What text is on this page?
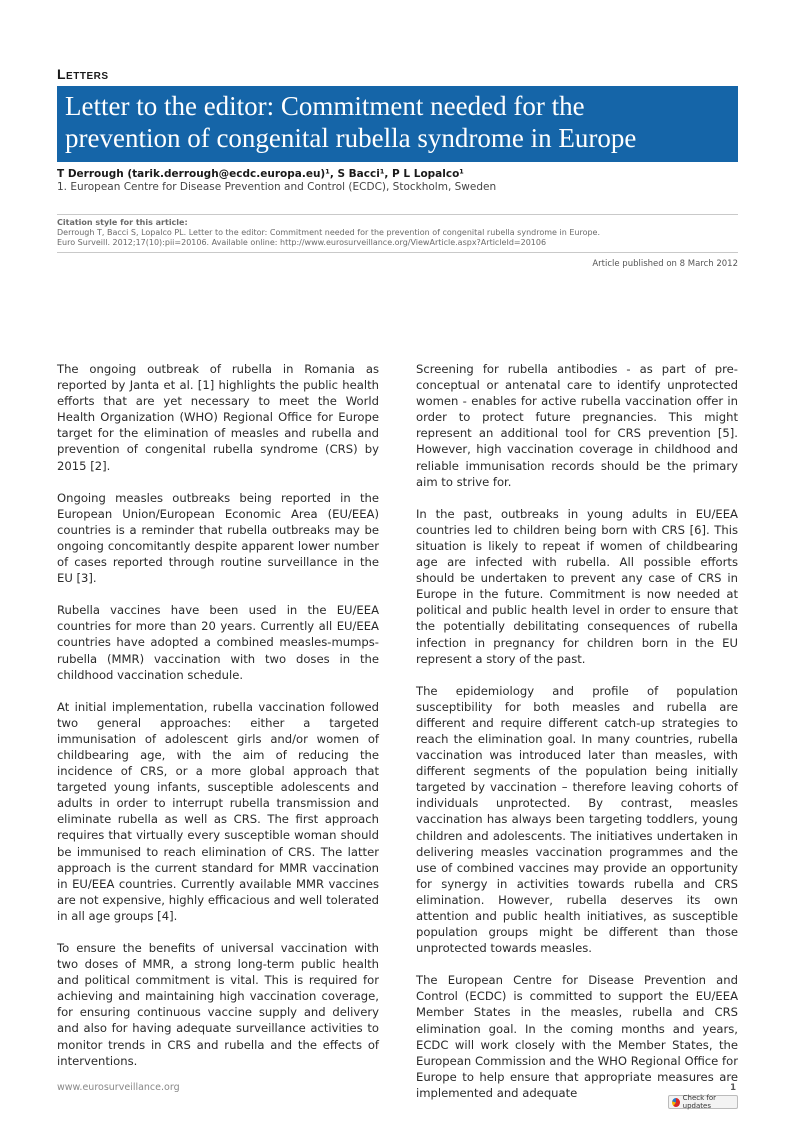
Letters
Letter to the editor: Commitment needed for the
prevention of congenital rubella syndrome in Europe
T Derrough (tarik.derrough@ecdc.europa.eu)¹, S Bacci¹, P L Lopalco¹
1. European Centre for Disease Prevention and Control (ECDC), Stockholm, Sweden
Citation style for this article:
Derrough T, Bacci S, Lopalco PL. Letter to the editor: Commitment needed for the prevention of congenital rubella syndrome in Europe.
Euro Surveill. 2012;17(10):pii=20106. Available online: http://www.eurosurveillance.org/ViewArticle.aspx?ArticleId=20106
Article published on 8 March 2012

The ongoing outbreak of rubella in Romania as reported by Janta et al. [1] highlights the public health efforts that are yet necessary to meet the World Health Organization (WHO) Regional Office for Europe target for the elimination of measles and rubella and prevention of congenital rubella syndrome (CRS) by 2015 [2].

Ongoing measles outbreaks being reported in the European Union/European Economic Area (EU/EEA) countries is a reminder that rubella outbreaks may be ongoing concomitantly despite apparent lower number of cases reported through routine surveillance in the EU [3].

Rubella vaccines have been used in the EU/EEA countries for more than 20 years. Currently all EU/EEA countries have adopted a combined measles-mumps-rubella (MMR) vaccination with two doses in the childhood vaccination schedule.

At initial implementation, rubella vaccination followed two general approaches: either a targeted immunisation of adolescent girls and/or women of childbearing age, with the aim of reducing the incidence of CRS, or a more global approach that targeted young infants, susceptible adolescents and adults in order to interrupt rubella transmission and eliminate rubella as well as CRS. The first approach requires that virtually every susceptible woman should be immunised to reach elimination of CRS. The latter approach is the current standard for MMR vaccination in EU/EEA countries. Currently available MMR vaccines are not expensive, highly efficacious and well tolerated in all age groups [4].

To ensure the benefits of universal vaccination with two doses of MMR, a strong long-term public health and political commitment is vital. This is required for achieving and maintaining high vaccination coverage, for ensuring continuous vaccine supply and delivery and also for having adequate surveillance activities to monitor trends in CRS and rubella and the effects of interventions.

Screening for rubella antibodies - as part of pre-conceptual or antenatal care to identify unprotected women - enables for active rubella vaccination offer in order to protect future pregnancies. This might represent an additional tool for CRS prevention [5]. However, high vaccination coverage in childhood and reliable immunisation records should be the primary aim to strive for.

In the past, outbreaks in young adults in EU/EEA countries led to children being born with CRS [6]. This situation is likely to repeat if women of childbearing age are infected with rubella. All possible efforts should be undertaken to prevent any case of CRS in Europe in the future. Commitment is now needed at political and public health level in order to ensure that the potentially debilitating consequences of rubella infection in pregnancy for children born in the EU represent a story of the past.

The epidemiology and profile of population susceptibility for both measles and rubella are different and require different catch-up strategies to reach the elimination goal. In many countries, rubella vaccination was introduced later than measles, with different segments of the population being initially targeted by vaccination – therefore leaving cohorts of individuals unprotected. By contrast, measles vaccination has always been targeting toddlers, young children and adolescents. The initiatives undertaken in delivering measles vaccination programmes and the use of combined vaccines may provide an opportunity for synergy in activities towards rubella and CRS elimination. However, rubella deserves its own attention and public health initiatives, as susceptible population groups might be different than those unprotected towards measles.

The European Centre for Disease Prevention and Control (ECDC) is committed to support the EU/EEA Member States in the measles, rubella and CRS elimination goal. In the coming months and years, ECDC will work closely with the Member States, the European Commission and the WHO Regional Office for Europe to help ensure that appropriate measures are implemented and adequate

www.eurosurveillance.org	1
Check for updates
